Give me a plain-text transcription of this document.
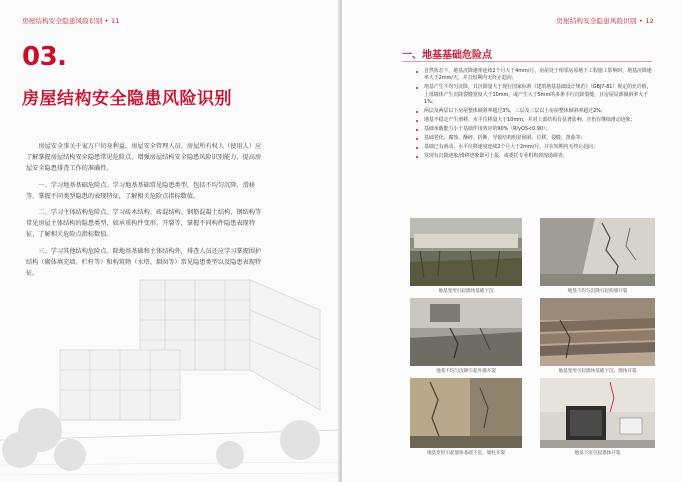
房屋结构安全隐患风险识别 • 11
03.
房屋结构安全隐患风险识别

房屋安全事关千家万户切身利益，房屋安全管理人员、房屋所有权人（使用人）应了解掌握房屋结构安全隐患常见危险点，增强房屋结构安全隐患风险识别能力，提高房屋安全隐患排查工作的准确性。

一、学习地基基础危险点。学习地基基础常见隐患类型，包括不均匀沉降、滑移等，掌握不同类型隐患的表现特征，了解相关危险点指标数值。

二、学习主体结构危险点。学习砖木结构、砖混结构、钢筋混凝土结构、钢结构等常见房屋主体结构的隐患类型，如承重构件变形、开裂等，掌握不同构件隐患表现特征，了解相关危险点指标数值。

三、学习其他结构危险点。除地基基础和主体结构外，排查人员还应学习掌握围护结构（砌体填充墙、栏杆等）和构筑物（水塔、烟囱等）常见隐患类型以及隐患表现特征。

房屋结构安全隐患风险识别 • 12
一、地基基础危险点
自然状态下，地基沉降速率连续2个月大于4mm/月，房屋处于相邻房屋地下工程施工影响时，地基沉降速率大于2mm/天，并且短期内无终止趋向；
地基产生不均匀沉降，其沉降量大于现行国家标准《建筑地基基础设计规范》（GBJ7-81）规定的允许值，上部墙体产生沉降裂缝宽度大于10mm，或产生大于5mm的多条平行沉降裂缝，且房屋局部倾斜率大于1%；
两层及两层以下房屋整体倾斜率超过3%，三层及三层以上房屋整体倾斜率超过2%；
地基不稳定产生滑移，水平位移量大于10mm，并对上部结构有显著影响，且仍有继续滑动迹象；
基础承载能力小于基础作用效应的90%（R/γOS<0.90）；
基础老化、腐蚀、酥碎、折断，导致结构明显倾斜、位移、裂缝、扭曲等；
基础已有滑动，水平位移速度连续2个月大于2mm/月，并在短期内无终止趋向；
发现有沉降迹象/滑移迹象即可上报，或委托专业机构到现场调查。
地基变形引起墙体基础下沉	地基不均匀沉降引起构墙开裂
地基不均匀沉降引起外墙开裂	地基变形引起墙体基础下沉、墙体开裂
地基变形引起墙体基础下沉，墙柱开裂	地基下沉引起墙体开裂
